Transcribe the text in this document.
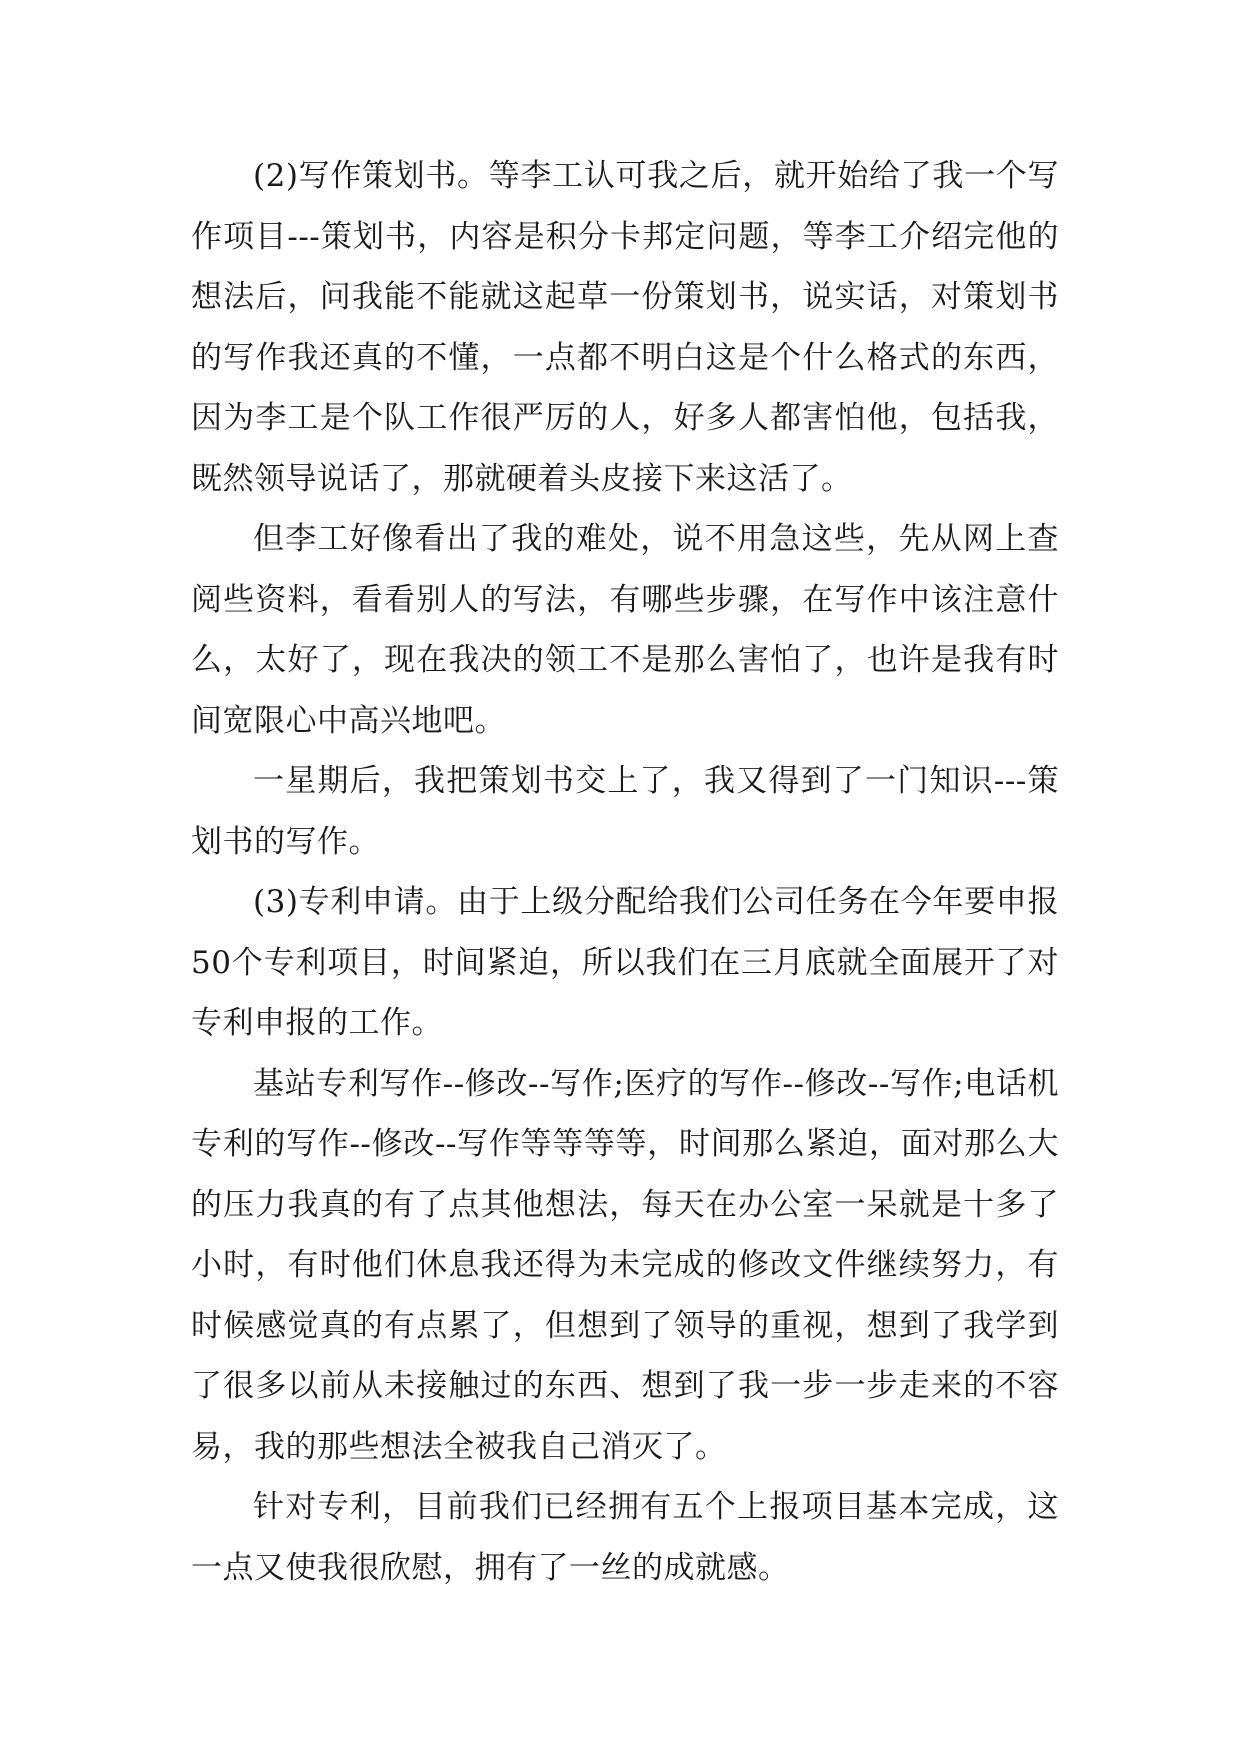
(2)写作策划书。等李工认可我之后，就开始给了我一个写作项目---策划书，内容是积分卡邦定问题，等李工介绍完他的想法后，问我能不能就这起草一份策划书，说实话，对策划书的写作我还真的不懂，一点都不明白这是个什么格式的东西，因为李工是个队工作很严厉的人，好多人都害怕他，包括我，既然领导说话了，那就硬着头皮接下来这活了。

但李工好像看出了我的难处，说不用急这些，先从网上查阅些资料，看看别人的写法，有哪些步骤，在写作中该注意什么，太好了，现在我决的领工不是那么害怕了，也许是我有时间宽限心中高兴地吧。

一星期后，我把策划书交上了，我又得到了一门知识---策划书的写作。

(3)专利申请。由于上级分配给我们公司任务在今年要申报50个专利项目，时间紧迫，所以我们在三月底就全面展开了对专利申报的工作。

基站专利写作--修改--写作;医疗的写作--修改--写作;电话机专利的写作--修改--写作等等等等，时间那么紧迫，面对那么大的压力我真的有了点其他想法，每天在办公室一呆就是十多了小时，有时他们休息我还得为未完成的修改文件继续努力，有时候感觉真的有点累了，但想到了领导的重视，想到了我学到了很多以前从未接触过的东西、想到了我一步一步走来的不容易，我的那些想法全被我自己消灭了。

针对专利，目前我们已经拥有五个上报项目基本完成，这一点又使我很欣慰，拥有了一丝的成就感。
